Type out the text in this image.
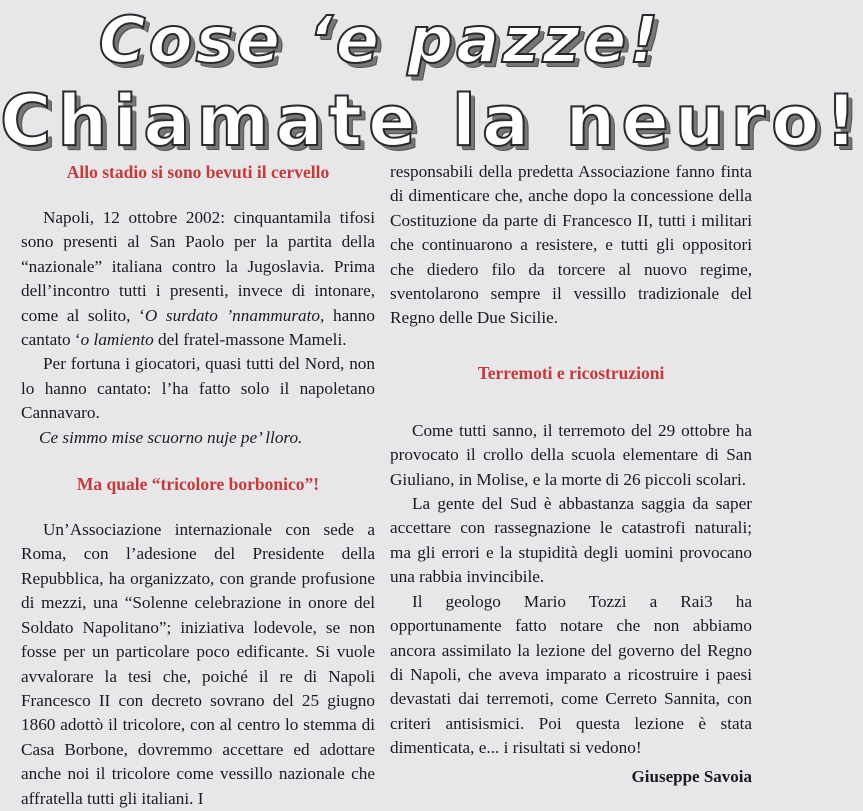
Cose ‘e pazze!
Chiamate la neuro!
Allo stadio si sono bevuti il cervello

Napoli, 12 ottobre 2002: cinquantamila tifosi sono presenti al San Paolo per la partita della “nazionale” italiana contro la Jugoslavia. Prima dell’incontro tutti i presenti, invece di intonare, come al solito, ‘O surdato ’nnammurato, hanno cantato ‘o lamiento del fratel-massone Mameli.

Per fortuna i giocatori, quasi tutti del Nord, non lo hanno cantato: l’ha fatto solo il napoletano Cannavaro.

Ce simmo mise scuorno nuje pe’ lloro.

Ma quale “tricolore borbonico”!

Un’Associazione internazionale con sede a Roma, con l’adesione del Presidente della Repubblica, ha organizzato, con grande profusione di mezzi, una “Solenne celebrazione in onore del Soldato Napolitano”; iniziativa lodevole, se non fosse per un particolare poco edificante. Si vuole avvalorare la tesi che, poiché il re di Napoli Francesco II con decreto sovrano del 25 giugno 1860 adottò il tricolore, con al centro lo stemma di Casa Borbone, dovremmo accettare ed adottare anche noi il tricolore come vessillo nazionale che affratella tutti gli italiani. I

responsabili della predetta Associazione fanno finta di dimenticare che, anche dopo la concessione della Costituzione da parte di Francesco II, tutti i militari che continuarono a resistere, e tutti gli oppositori che diedero filo da torcere al nuovo regime, sventolarono sempre il vessillo tradizionale del Regno delle Due Sicilie.

Terremoti e ricostruzioni

Come tutti sanno, il terremoto del 29 ottobre ha provocato il crollo della scuola elementare di San Giuliano, in Molise, e la morte di 26 piccoli scolari.

La gente del Sud è abbastanza saggia da saper accettare con rassegnazione le catastrofi naturali; ma gli errori e la stupidità degli uomini provocano una rabbia invincibile.

Il geologo Mario Tozzi a Rai3 ha opportunamente fatto notare che non abbiamo ancora assimilato la lezione del governo del Regno di Napoli, che aveva imparato a ricostruire i paesi devastati dai terremoti, come Cerreto Sannita, con criteri antisismici. Poi questa lezione è stata dimenticata, e... i risultati si vedono!

Giuseppe Savoia
